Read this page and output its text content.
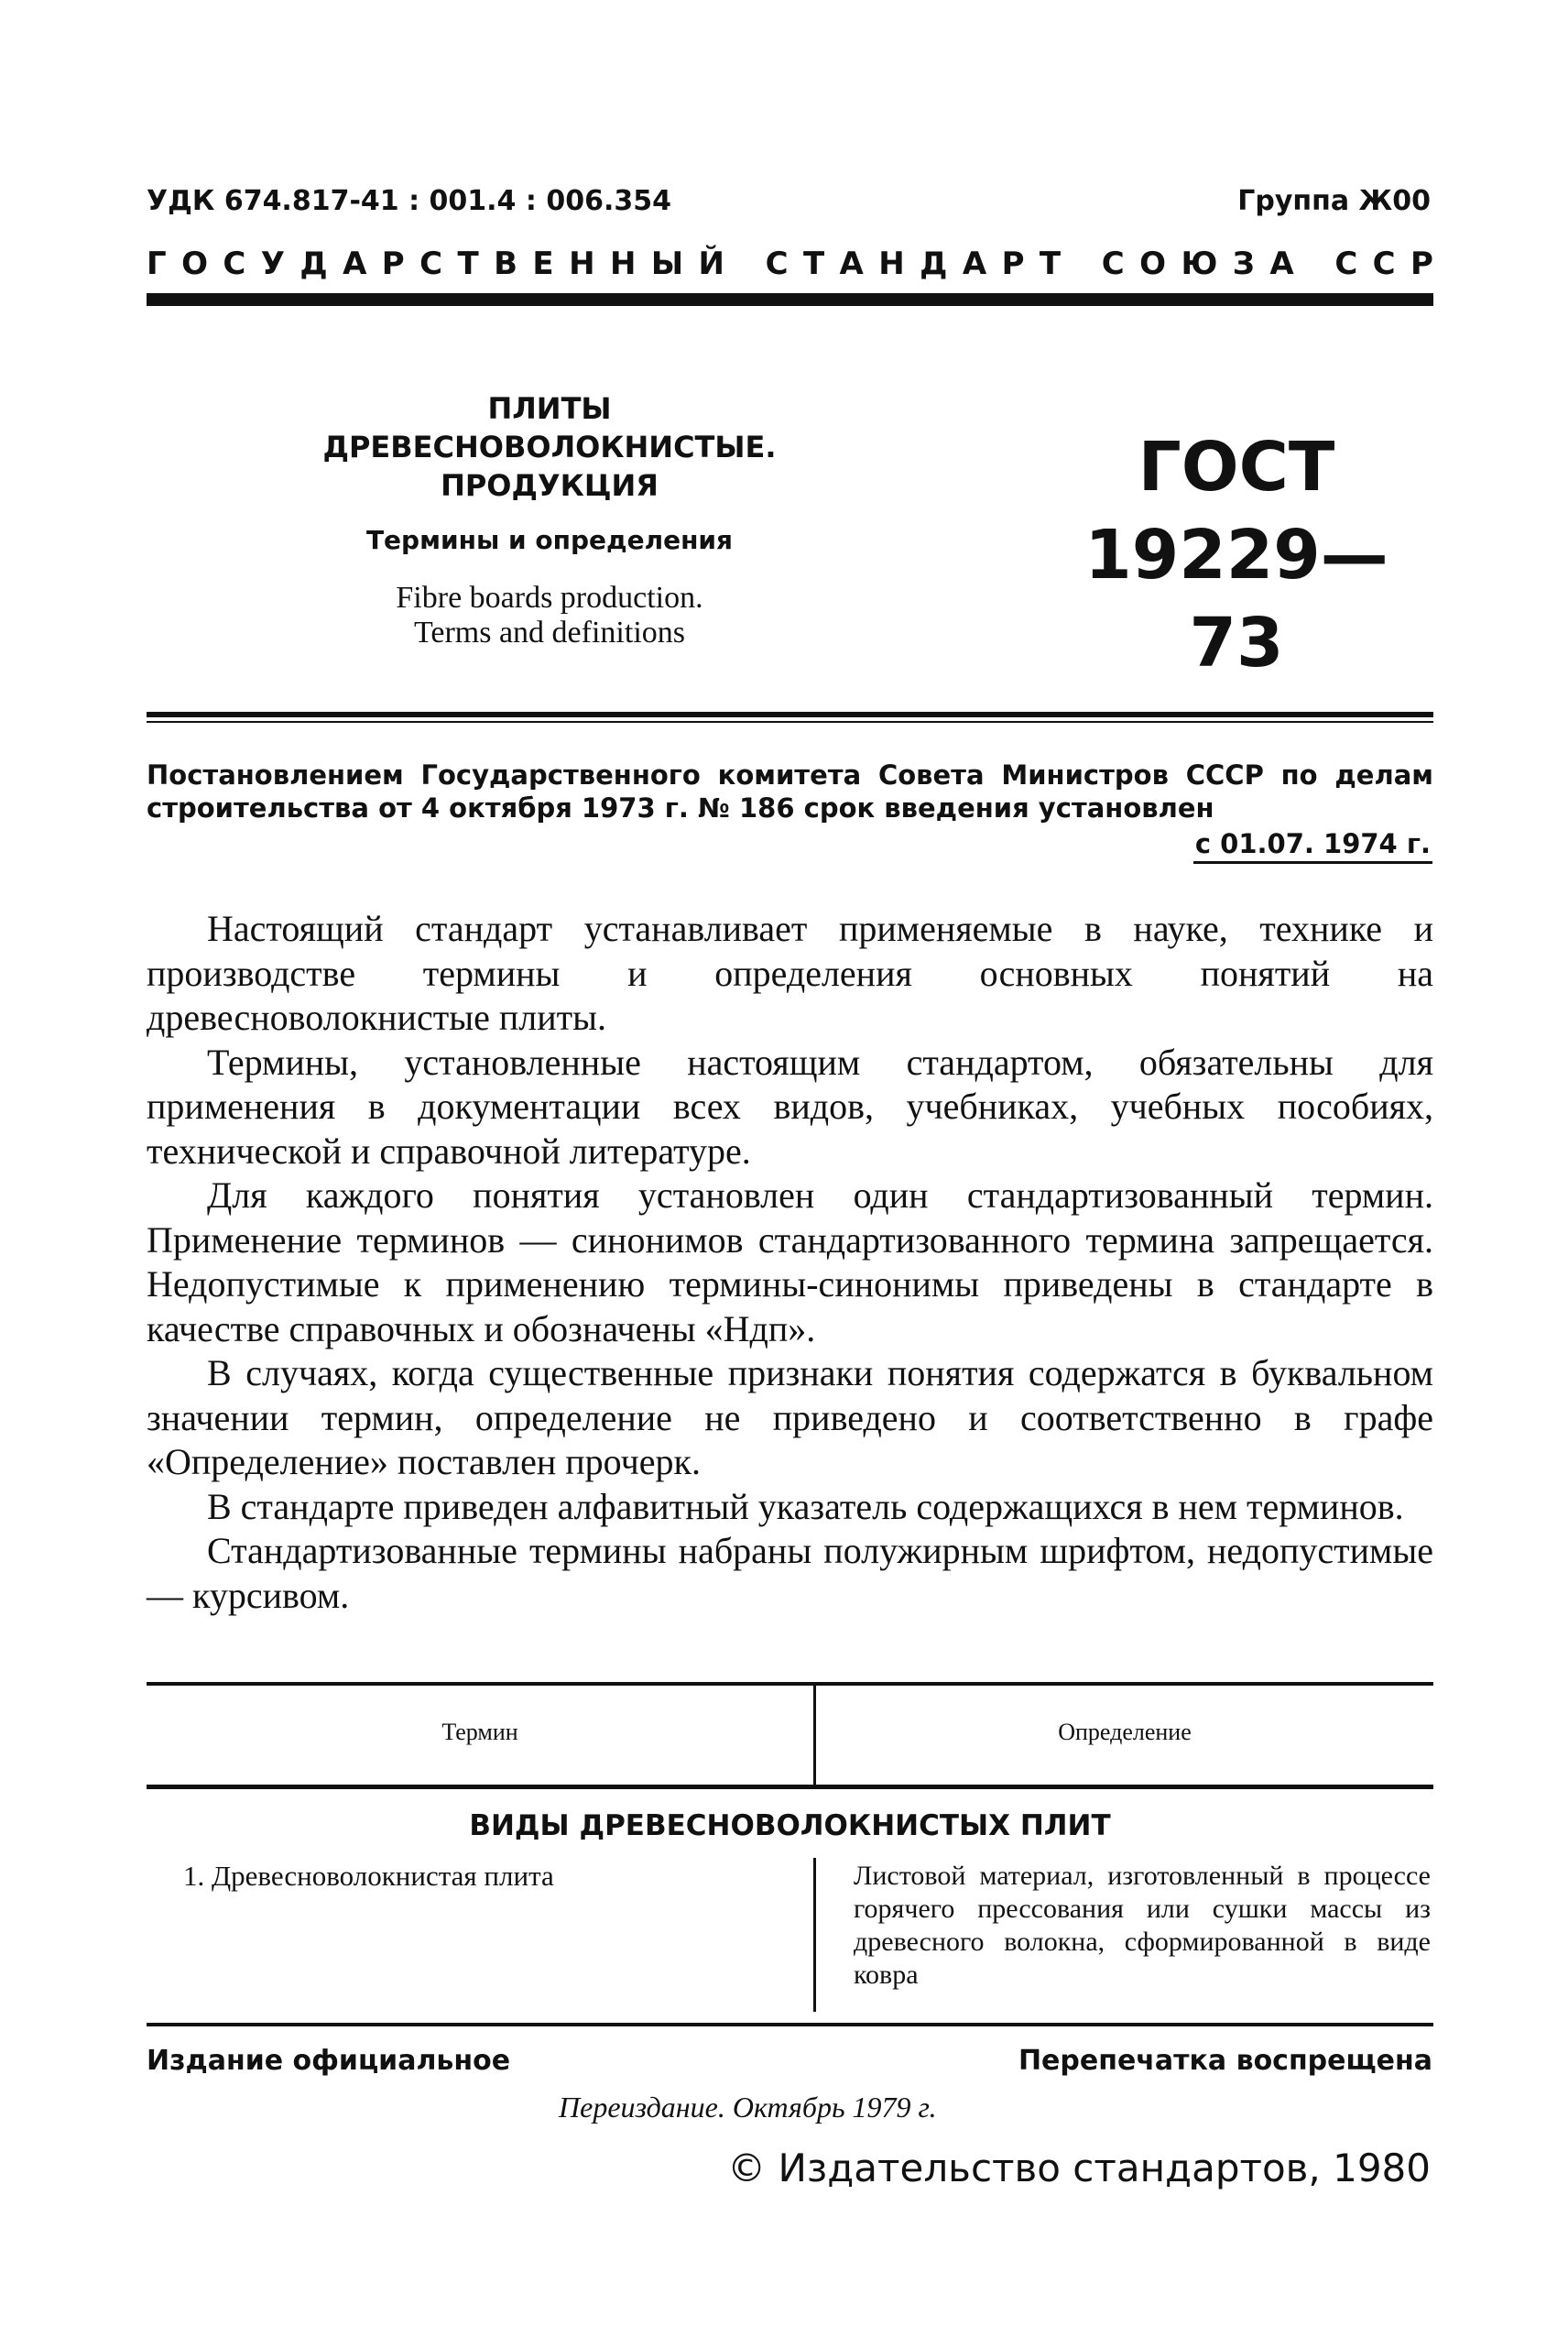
УДК 674.817-41 : 001.4 : 006.354	Группа Ж00
Г О С У Д А Р С Т В Е Н Н Ы Й
С Т А Н Д А Р Т
С О Ю З А
С С Р
ПЛИТЫ ДРЕВЕСНОВОЛОКНИСТЫЕ.
ПРОДУКЦИЯ
Термины и определения
Fibre boards production.
Terms and definitions
ГОСТ
19229—73
Постановлением Государственного комитета Совета Министров СССР по делам строительства от 4 октября 1973 г. № 186 срок введения установлен
с 01.07. 1974 г.

Настоящий стандарт устанавливает применяемые в науке, технике и производстве термины и определения основных понятий на древесноволокнистые плиты.

Термины, установленные настоящим стандартом, обязательны для применения в документации всех видов, учебниках, учебных пособиях, технической и справочной литературе.

Для каждого понятия установлен один стандартизованный термин. Применение терминов — синонимов стандартизованного термина запрещается. Недопустимые к применению термины-синонимы приведены в стандарте в качестве справочных и обозначены «Ндп».

В случаях, когда существенные признаки понятия содержатся в буквальном значении термин, определение не приведено и соответственно в графе «Определение» поставлен прочерк.

В стандарте приведен алфавитный указатель содержащихся в нем терминов.

Стандартизованные термины набраны полужирным шрифтом, недопустимые — курсивом.

Термин	Определение
ВИДЫ ДРЕВЕСНОВОЛОКНИСТЫХ ПЛИТ
1. Древесноволокнистая плита	Листовой материал, изготовленный в процессе горячего прессования или сушки массы из древесного волокна, сформированной в виде ковра
Издание официальное	Перепечатка воспрещена
Переиздание. Октябрь 1979 г.
© Издательство стандартов, 1980
